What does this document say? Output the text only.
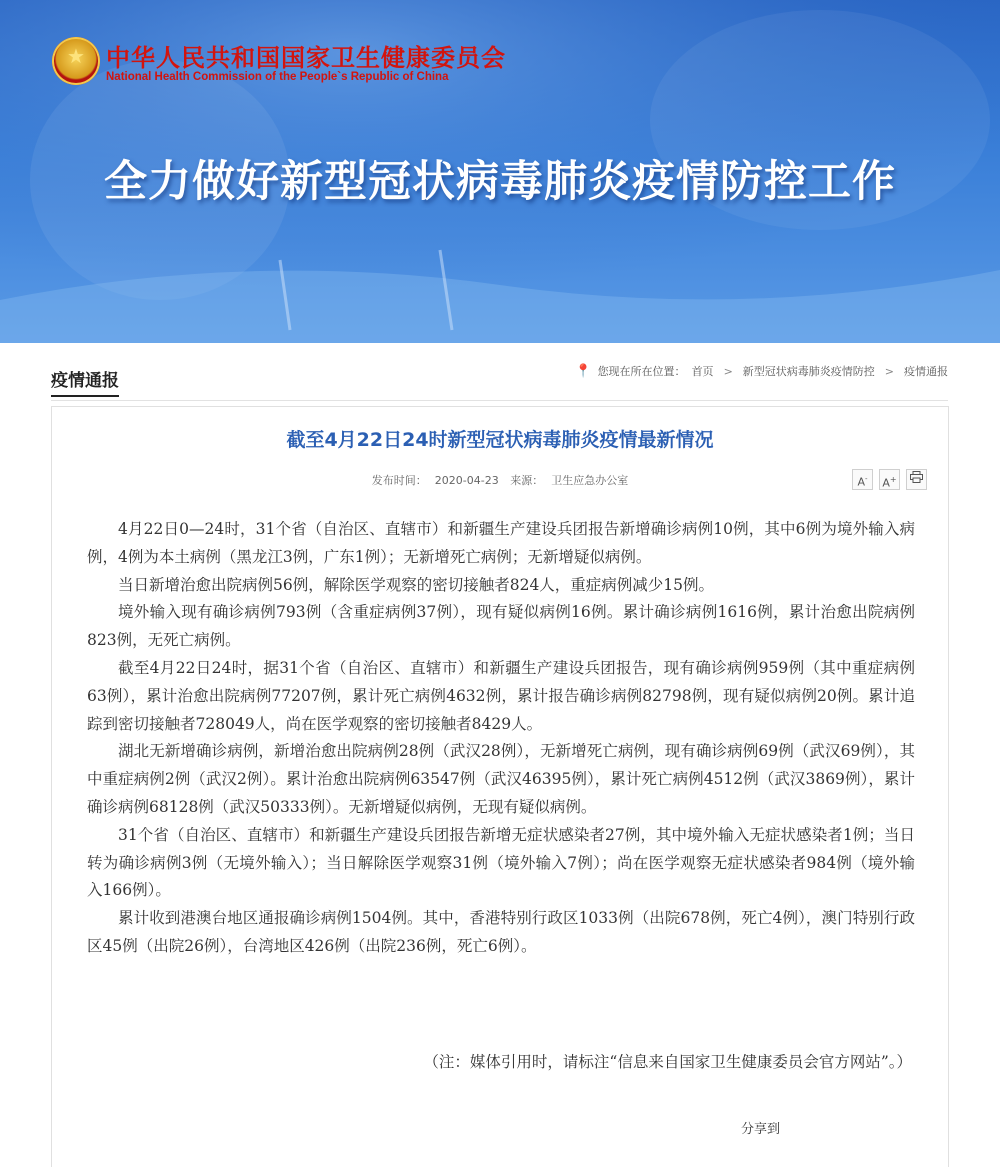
★
中华人民共和国国家卫生健康委员会
National Health Commission of the People`s Republic of China
全力做好新型冠状病毒肺炎疫情防控工作
疫情通报	📍 您现在所在位置： 首页 > 新型冠状病毒肺炎疫情防控 > 疫情通报
截至4月22日24时新型冠状病毒肺炎疫情最新情况
发布时间： 2020-04-23 来源： 卫生应急办公室	A-	A+

4月22日0—24时，31个省（自治区、直辖市）和新疆生产建设兵团报告新增确诊病例10例，其中6例为境外输入病例，4例为本土病例（黑龙江3例，广东1例）；无新增死亡病例；无新增疑似病例。

当日新增治愈出院病例56例，解除医学观察的密切接触者824人，重症病例减少15例。

境外输入现有确诊病例793例（含重症病例37例），现有疑似病例16例。累计确诊病例1616例，累计治愈出院病例823例，无死亡病例。

截至4月22日24时，据31个省（自治区、直辖市）和新疆生产建设兵团报告，现有确诊病例959例（其中重症病例63例），累计治愈出院病例77207例，累计死亡病例4632例，累计报告确诊病例82798例，现有疑似病例20例。累计追踪到密切接触者728049人，尚在医学观察的密切接触者8429人。

湖北无新增确诊病例，新增治愈出院病例28例（武汉28例），无新增死亡病例，现有确诊病例69例（武汉69例），其中重症病例2例（武汉2例）。累计治愈出院病例63547例（武汉46395例），累计死亡病例4512例（武汉3869例），累计确诊病例68128例（武汉50333例）。无新增疑似病例，无现有疑似病例。

31个省（自治区、直辖市）和新疆生产建设兵团报告新增无症状感染者27例，其中境外输入无症状感染者1例；当日转为确诊病例3例（无境外输入）；当日解除医学观察31例（境外输入7例）；尚在医学观察无症状感染者984例（境外输入166例）。

累计收到港澳台地区通报确诊病例1504例。其中，香港特别行政区1033例（出院678例，死亡4例），澳门特别行政区45例（出院26例），台湾地区426例（出院236例，死亡6例）。

（注：媒体引用时，请标注“信息来自国家卫生健康委员会官方网站”。）
分享到
